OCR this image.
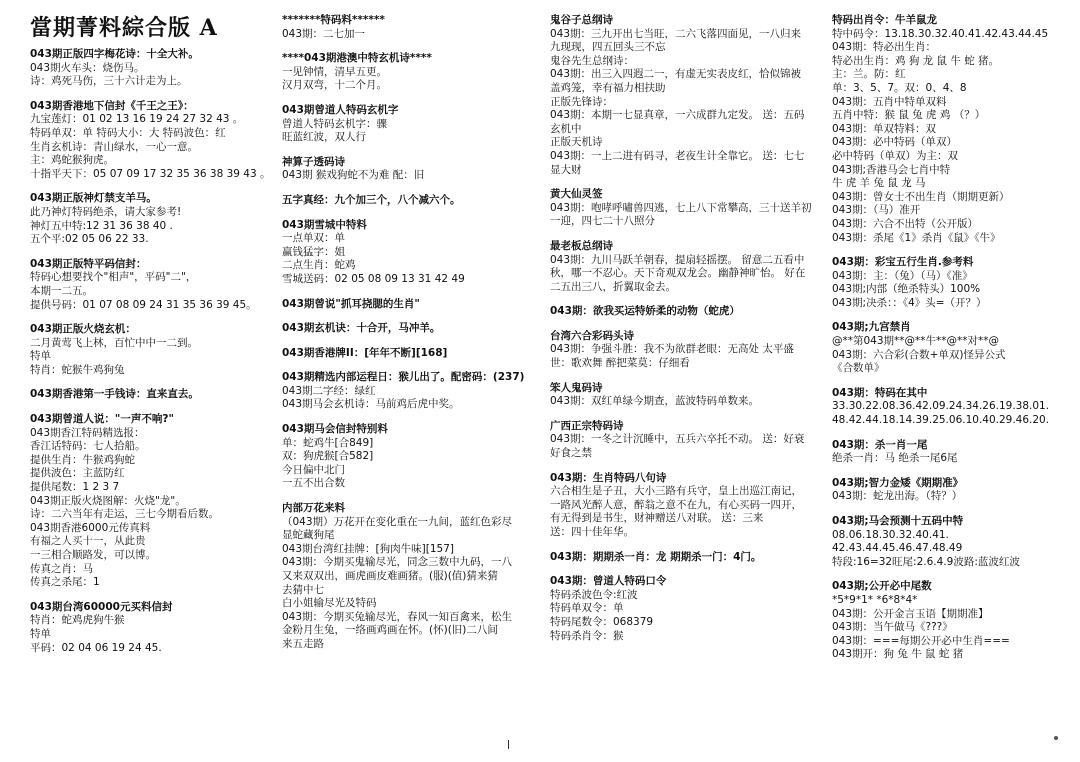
當期菁料綜合版 A
043期正版四字梅花诗：十全大补。
043期火车头：烧伤马。
诗：鸡死马伤，三十六计走为上。
043期香港地下信封《千王之王》：
九宝莲灯：01 02 13 16 19 24 27 32 43 。
特码单双：单 特码大小：大 特码波色：红
生肖玄机诗：青山绿水，一心一意。
主：鸡蛇猴狗虎。
十指平天下：05 07 09 17 32 35 36 38 39 43 。
043期正版神灯禁支羊马。
此乃神灯特码绝杀，请大家参考!
神灯五中特:12 31 36 38 40 .
五个平:02 05 06 22 33.
043期正版特平码信封：
特码心想要找个"相声"，平码"二"，
本期一二五。
提供号码：01 07 08 09 24 31 35 36 39 45。
043期正版火烧玄机：
二月黄莺飞上林，百忙中中一二到。
特单
特肖：蛇猴牛鸡狗兔
043期香港第一手钱诗：直来直去。
043期曾道人说："一声不响?"
043期香江特码精选报：
香江话特码：七人拾船。
提供生肖：牛猴鸡狗蛇
提供波色：主蓝防红
提供尾数：1 2 3 7
043期正版火烧图解：火烧"龙"。
诗：二六当年有走运，三七今期看后数。
043期香港6000元传真料
有福之人买十一，从此贵
一三相合顺路发，可以博。
传真之肖：马
传真之杀尾：1
043期台湾60000元买料信封
特肖：蛇鸡虎狗牛猴
特单
平码：02 04 06 19 24 45.
*******特码料******
043期：二七加一
****043期港澳中特玄机诗****
一见钟情，清早五更。
汉月双弯，十二个月。
043期曾道人特码玄机字
曾道人特码玄机字：骤
旺蓝红波，双人行
神算子透码诗
043期 猴戏狗蛇不为难 配：旧
五字真经：九个加三个，八个减六个。
043期雪城中特料
一点单双：单
赢钱猛字：姐
二点生肖：蛇鸡
雪城送码：02 05 08 09 13 31 42 49
043期曾说"抓耳挠腮的生肖"
043期玄机诀：十合开，马冲羊。
043期香港牌II：[年年不断][168]
043期精选内部运程日：猴儿出了。配密码：(237)
043期二字经：绿红
043期马会玄机诗：马前鸡后虎中奖。
043期马会信封特别料
单：蛇鸡牛[合849]
双：狗虎猴[合582]
今日偏中北门
一五不出合数
内部万花来料
（043期）万花开在变化重在一九间，蓝红色彩尽
显蛇藏狗尾
043期台湾红挂牌：[狗肉牛味][157]
043期：今期买鬼输尽光，同念三数中九码，一八
又来双双出，画虎画皮难画猪。(服)(值)猜来猜
去猜中七
白小姐输尽光及特码
043期：今期买兔输尽光，春风一知百禽来，松生
金粉月生兔，一络画鸡画在怀。(怀)(旧)二八间
来五走路
鬼谷子总纲诗
043期：三九开出七当旺，二六飞落四面见，一八归来
九现现，四五回头三不忘
鬼谷先生总纲诗：
043期：出三入四遐二一，有虚无实表皮红，恰似锦被
盖鸡笼，幸有福力相扶助
正版先锋诗：
043期：本期一七显真章，一六成群九定发。 送：五码
玄机中
正版天机诗
043期：一上二进有码寻，老夜生计全靠它。 送：七七
显大财
黄大仙灵签
043期：咆哮呼嘯兽四逃，七上八下常攀高，三十送羊初
一迎，四七二十八照分
最老板总纲诗
043期：九川马跃羊朝春，提扇轻摇摆。 留意二五看中
秋，哪一不忍心。天下奇观双龙会。幽静神旷怡。 好在
二五出三八，折翼取金去。
043期：欲我买运特娇柔的动物（蛇虎）
台湾六合彩码头诗
043期：争强斗胜：我不为欲群老眼：无高处 太平盛
世：歌欢舞 醉把菜莫：仔细看
笨人鬼码诗
043期：双红单绿今期查，蓝波特码单数来。
广西正宗特码诗
043期：一冬之计沉睡中，五兵六卒托不动。 送：好衰
好食之禁
043期：生肖特码八句诗
六合相生是子丑，大小三路有兵守，皇上出巡江南记，
一路风光醉人意，醉翁之意不在九，有心买码一四开，
有无得到是书生，财神赠送八对联。 送：三来
送：四十佳年华。
043期：期期杀一肖：龙 期期杀一门：4门。
043期：曾道人特码口令
特码杀波色令:红波
特码单双令：单
特码尾数令：068379
特码杀肖令：猴
特码出肖令：牛羊鼠龙
特中码令：13.18.30.32.40.41.42.43.44.45
043期：特必出生肖：
特必出生肖：鸡 狗 龙 鼠 牛 蛇 猪。
主：兰。防：红
单：3、5、7。双：0、4、8
043期：五肖中特单双料
五肖中特：猴 鼠 兔 虎 鸡 （？）
043期：单双特料：双
043期：必中特码（单双）
必中特码（单双）为主：双
043期;香港马会七肖中特
牛 虎 羊 兔 鼠 龙 马
043期：曾女士不出生肖（期期更新）
043期：（马）准开
043期：六合不出特（公开版）
043期：杀尾《1》杀肖《鼠》《牛》
043期：彩宝五行生肖.参考料
043期：主：（兔）（马）《准》
043期;内部（绝杀特头）100%
043期;决杀：：《4》头=（开？）
043期;九宫禁肖
@**第043期**@**牛**@**对**@
043期：六合彩(合数+单双)怪异公式
《合数单》
043期：特码在其中
33.30.22.08.36.42.09.24.34.26.19.38.01.
48.42.44.18.14.39.25.06.10.40.29.46.20.
043期：杀一肖一尾
绝杀一肖：马 绝杀一尾6尾
043期;智力金矮《期期准》
043期：蛇龙出海。（特？）
043期;马会预测十五码中特
08.06.18.30.32.40.41.
42.43.44.45.46.47.48.49
特段:16=32旺尾:2.6.4.9波路:蓝波红波
043期;公开必中尾数
*5*9*1* *6*8*4*
043期：公开金言玉语【期期准】
043期：当午做马《???》
043期：===每期公开必中生肖===
043期开：狗 兔 牛 鼠 蛇 猪
